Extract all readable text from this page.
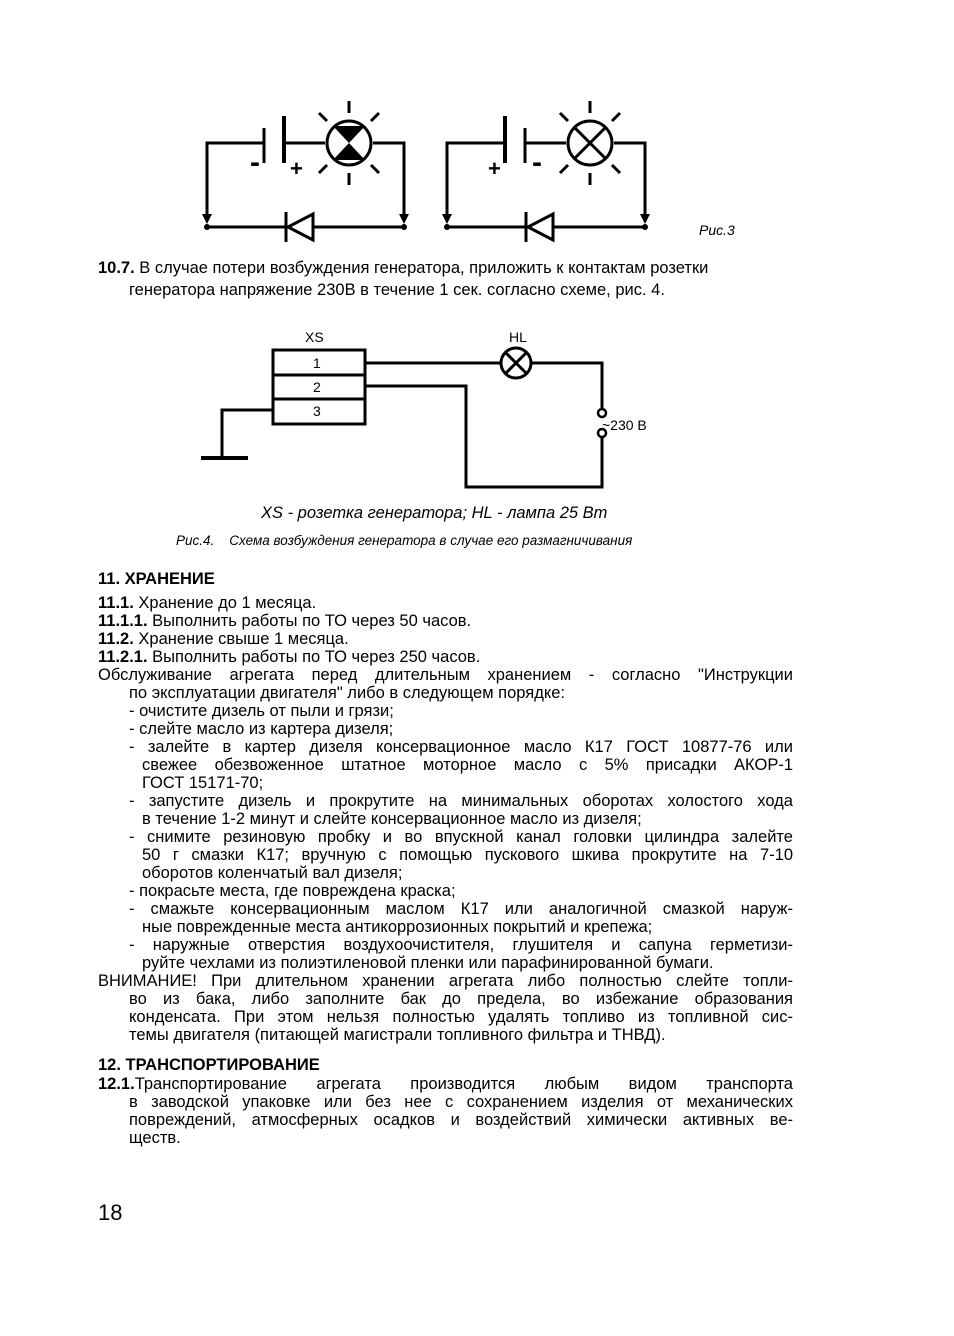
- +	+ -
Рис.3
10.7. В случае потери возбуждения генератора, приложить к контактам розетки
генератора напряжение 230В в течение 1 сек. согласно схеме, рис. 4.
XS	HL
1
2
3
~230 В
XS - розетка генератора; HL - лампа 25 Вт
Рис.4. Схема возбуждения генератора в случае его размагничивания
11. ХРАНЕНИЕ
11.1. Хранение до 1 месяца.
11.1.1. Выполнить работы по ТО через 50 часов.
11.2. Хранение свыше 1 месяца.
11.2.1. Выполнить работы по ТО через 250 часов.
Обслуживание агрегата перед длительным хранением - согласно "Инструкции
по эксплуатации двигателя" либо в следующем порядке:
- очистите дизель от пыли и грязи;
- слейте масло из картера дизеля;
- залейте в картер дизеля консервационное масло К17 ГОСТ 10877-76 или
свежее обезвоженное штатное моторное масло с 5% присадки АКОР-1
ГОСТ 15171-70;
- запустите дизель и прокрутите на минимальных оборотах холостого хода
в течение 1-2 минут и слейте консервационное масло из дизеля;
- снимите резиновую пробку и во впускной канал головки цилиндра залейте
50 г смазки К17; вручную с помощью пускового шкива прокрутите на 7-10
оборотов коленчатый вал дизеля;
- покрасьте места, где повреждена краска;
- смажьте консервационным маслом К17 или аналогичной смазкой наруж-
ные поврежденные места антикоррозионных покрытий и крепежа;
- наружные отверстия воздухоочистителя, глушителя и сапуна герметизи-
руйте чехлами из полиэтиленовой пленки или парафинированной бумаги.
ВНИМАНИЕ! При длительном хранении агрегата либо полностью слейте топли-
во из бака, либо заполните бак до предела, во избежание образования
конденсата. При этом нельзя полностью удалять топливо из топливной сис-
темы двигателя (питающей магистрали топливного фильтра и ТНВД).
12. ТРАНСПОРТИРОВАНИЕ
12.1. Транспортирование агрегата производится любым видом транспорта
в заводской упаковке или без нее с сохранением изделия от механических
повреждений, атмосферных осадков и воздействий химически активных ве-
ществ.
18
